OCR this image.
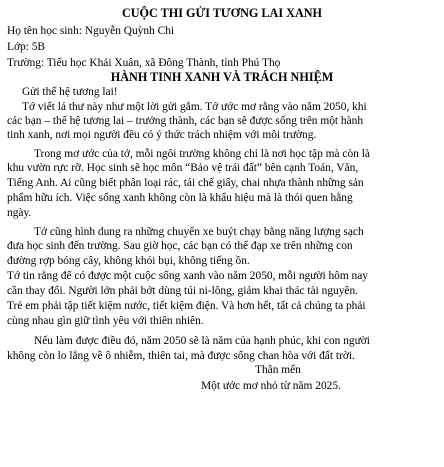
CUỘC THI GỬI TƯƠNG LAI XANH
Họ tên học sinh: Nguyễn Quỳnh Chi
Lớp: 5B
Trường: Tiểu học Khải Xuân, xã Đông Thành, tỉnh Phú Thọ
HÀNH TINH XANH VÀ TRÁCH NHIỆM
Gửi thế hệ tương lai!
Tớ viết lá thư này như một lời gửi gắm. Tớ ước mơ rằng vào năm 2050, khi
các bạn – thế hệ tương lai – trưởng thành, các bạn sẽ được sống trên một hành
tinh xanh, nơi mọi người đều có ý thức trách nhiệm với môi trường.
Trong mơ ước của tớ, mỗi ngôi trường không chỉ là nơi học tập mà còn là
khu vườn rực rỡ. Học sinh sẽ học môn “Bảo vệ trái đất” bên cạnh Toán, Văn,
Tiếng Anh. Ai cũng biết phân loại rác, tái chế giấy, chai nhựa thành những sản
phẩm hữu ích. Việc sống xanh không còn là khẩu hiệu mà là thói quen hằng
ngày.
Tớ cũng hình dung ra những chuyến xe buýt chạy bằng năng lượng sạch
đưa học sinh đến trường. Sau giờ học, các bạn có thể đạp xe trên những con
đường rợp bóng cây, không khói bụi, không tiếng ồn.
Tớ tin rằng để có được một cuộc sống xanh vào năm 2050, mỗi người hôm nay
cần thay đổi. Người lớn phải bớt dùng túi ni-lông, giảm khai thác tài nguyên.
Trẻ em phải tập tiết kiệm nước, tiết kiệm điện. Và hơn hết, tất cả chúng ta phải
cùng nhau gìn giữ tình yêu với thiên nhiên.
Nếu làm được điều đó, năm 2050 sẽ là năm của hạnh phúc, khi con người
không còn lo lắng về ô nhiễm, thiên tai, mà được sống chan hòa với đất trời.
Thân mến
Một ước mơ nhỏ từ năm 2025.
